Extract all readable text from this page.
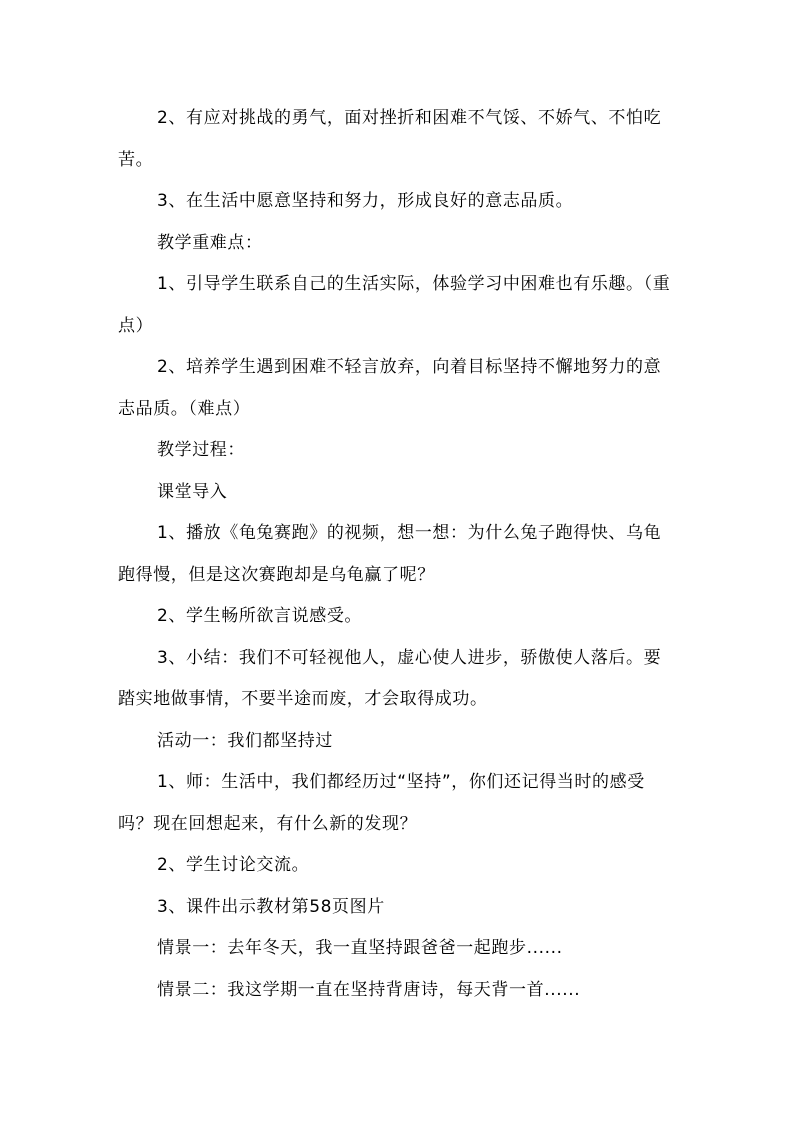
2、有应对挑战的勇气，面对挫折和困难不气馁、不娇气、不怕吃苦。

3、在生活中愿意坚持和努力，形成良好的意志品质。

教学重难点：

1、引导学生联系自己的生活实际，体验学习中困难也有乐趣。（重点）

2、培养学生遇到困难不轻言放弃，向着目标坚持不懈地努力的意志品质。（难点）

教学过程：

课堂导入

1、播放《龟兔赛跑》的视频，想一想：为什么兔子跑得快、乌龟跑得慢，但是这次赛跑却是乌龟赢了呢？

2、学生畅所欲言说感受。

3、小结：我们不可轻视他人，虚心使人进步，骄傲使人落后。要踏实地做事情，不要半途而废，才会取得成功。

活动一：我们都坚持过

1、师：生活中，我们都经历过“坚持”，你们还记得当时的感受吗？现在回想起来，有什么新的发现？

2、学生讨论交流。

3、课件出示教材第58页图片

情景一：去年冬天，我一直坚持跟爸爸一起跑步......

情景二：我这学期一直在坚持背唐诗，每天背一首......
